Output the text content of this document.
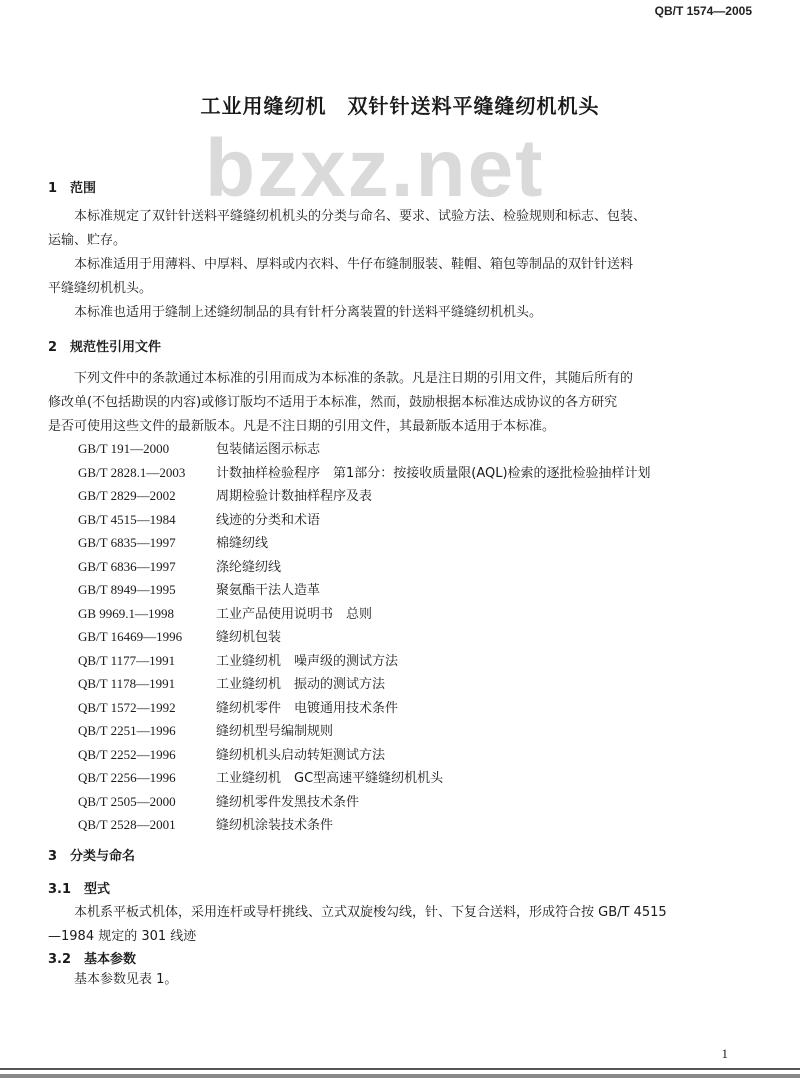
QB/T 1574—2005
工业用缝纫机　双针针送料平缝缝纫机机头
bzxz.net
1　范围
本标准规定了双针针送料平缝缝纫机机头的分类与命名、要求、试验方法、检验规则和标志、包装、
运输、贮存。
本标准适用于用薄料、中厚料、厚料或内衣料、牛仔布缝制服装、鞋帽、箱包等制品的双针针送料
平缝缝纫机机头。
本标准也适用于缝制上述缝纫制品的具有针杆分离装置的针送料平缝缝纫机机头。
2　规范性引用文件
下列文件中的条款通过本标准的引用而成为本标准的条款。凡是注日期的引用文件，其随后所有的
修改单(不包括勘误的内容)或修订版均不适用于本标准，然而，鼓励根据本标准达成协议的各方研究
是否可使用这些文件的最新版本。凡是不注日期的引用文件，其最新版本适用于本标准。
GB/T 191—2000	包装储运图示标志
GB/T 2828.1—2003 计数抽样检验程序　第1部分：按接收质量限(AQL)检索的逐批检验抽样计划
GB/T 2829—2002	周期检验计数抽样程序及表
GB/T 4515—1984	线迹的分类和术语
GB/T 6835—1997	棉缝纫线
GB/T 6836—1997	涤纶缝纫线
GB/T 8949—1995	聚氨酯干法人造革
GB 9969.1—1998	工业产品使用说明书　总则
GB/T 16469—1996	缝纫机包装
QB/T 1177—1991	工业缝纫机　噪声级的测试方法
QB/T 1178—1991	工业缝纫机　振动的测试方法
QB/T 1572—1992	缝纫机零件　电镀通用技术条件
QB/T 2251—1996	缝纫机型号编制规则
QB/T 2252—1996	缝纫机机头启动转矩测试方法
QB/T 2256—1996	工业缝纫机　GC型高速平缝缝纫机机头
QB/T 2505—2000	缝纫机零件发黑技术条件
QB/T 2528—2001	缝纫机涂装技术条件
3　分类与命名
3.1　型式
本机系平板式机体，采用连杆或导杆挑线、立式双旋梭勾线，针、下复合送料，形成符合按 GB/T 4515
—1984 规定的 301 线迹
3.2　基本参数
基本参数见表 1。
1
